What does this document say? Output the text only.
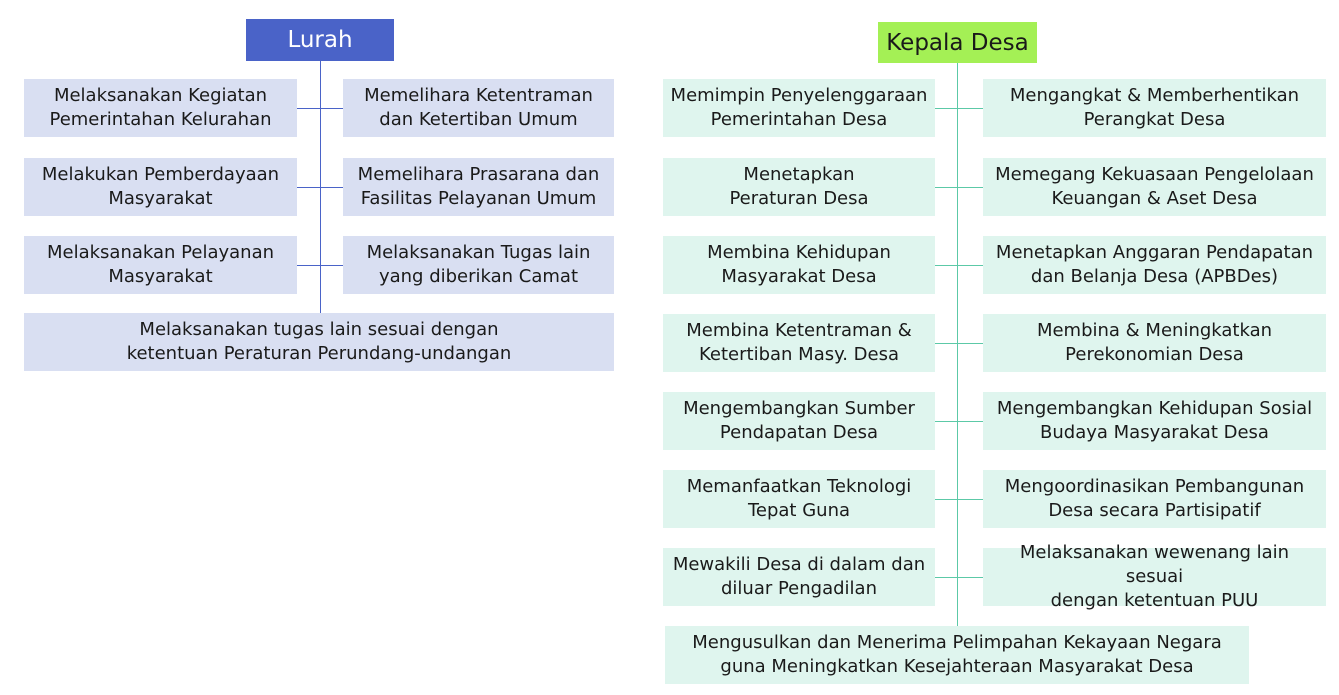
Lurah
Melaksanakan Kegiatan
Pemerintahan Kelurahan
Memelihara Ketentraman
dan Ketertiban Umum
Melakukan Pemberdayaan
Masyarakat
Memelihara Prasarana dan
Fasilitas Pelayanan Umum
Melaksanakan Pelayanan
Masyarakat
Melaksanakan Tugas lain
yang diberikan Camat
Melaksanakan tugas lain sesuai dengan
ketentuan Peraturan Perundang-undangan
Kepala Desa
Memimpin Penyelenggaraan
Pemerintahan Desa
Mengangkat & Memberhentikan
Perangkat Desa
Menetapkan
Peraturan Desa
Memegang Kekuasaan Pengelolaan
Keuangan & Aset Desa
Membina Kehidupan
Masyarakat Desa
Menetapkan Anggaran Pendapatan
dan Belanja Desa (APBDes)
Membina Ketentraman &
Ketertiban Masy. Desa
Membina & Meningkatkan
Perekonomian Desa
Mengembangkan Sumber
Pendapatan Desa
Mengembangkan Kehidupan Sosial
Budaya Masyarakat Desa
Memanfaatkan Teknologi
Tepat Guna
Mengoordinasikan Pembangunan
Desa secara Partisipatif
Mewakili Desa di dalam dan
diluar Pengadilan
Melaksanakan wewenang lain sesuai
dengan ketentuan PUU
Mengusulkan dan Menerima Pelimpahan Kekayaan Negara
guna Meningkatkan Kesejahteraan Masyarakat Desa
